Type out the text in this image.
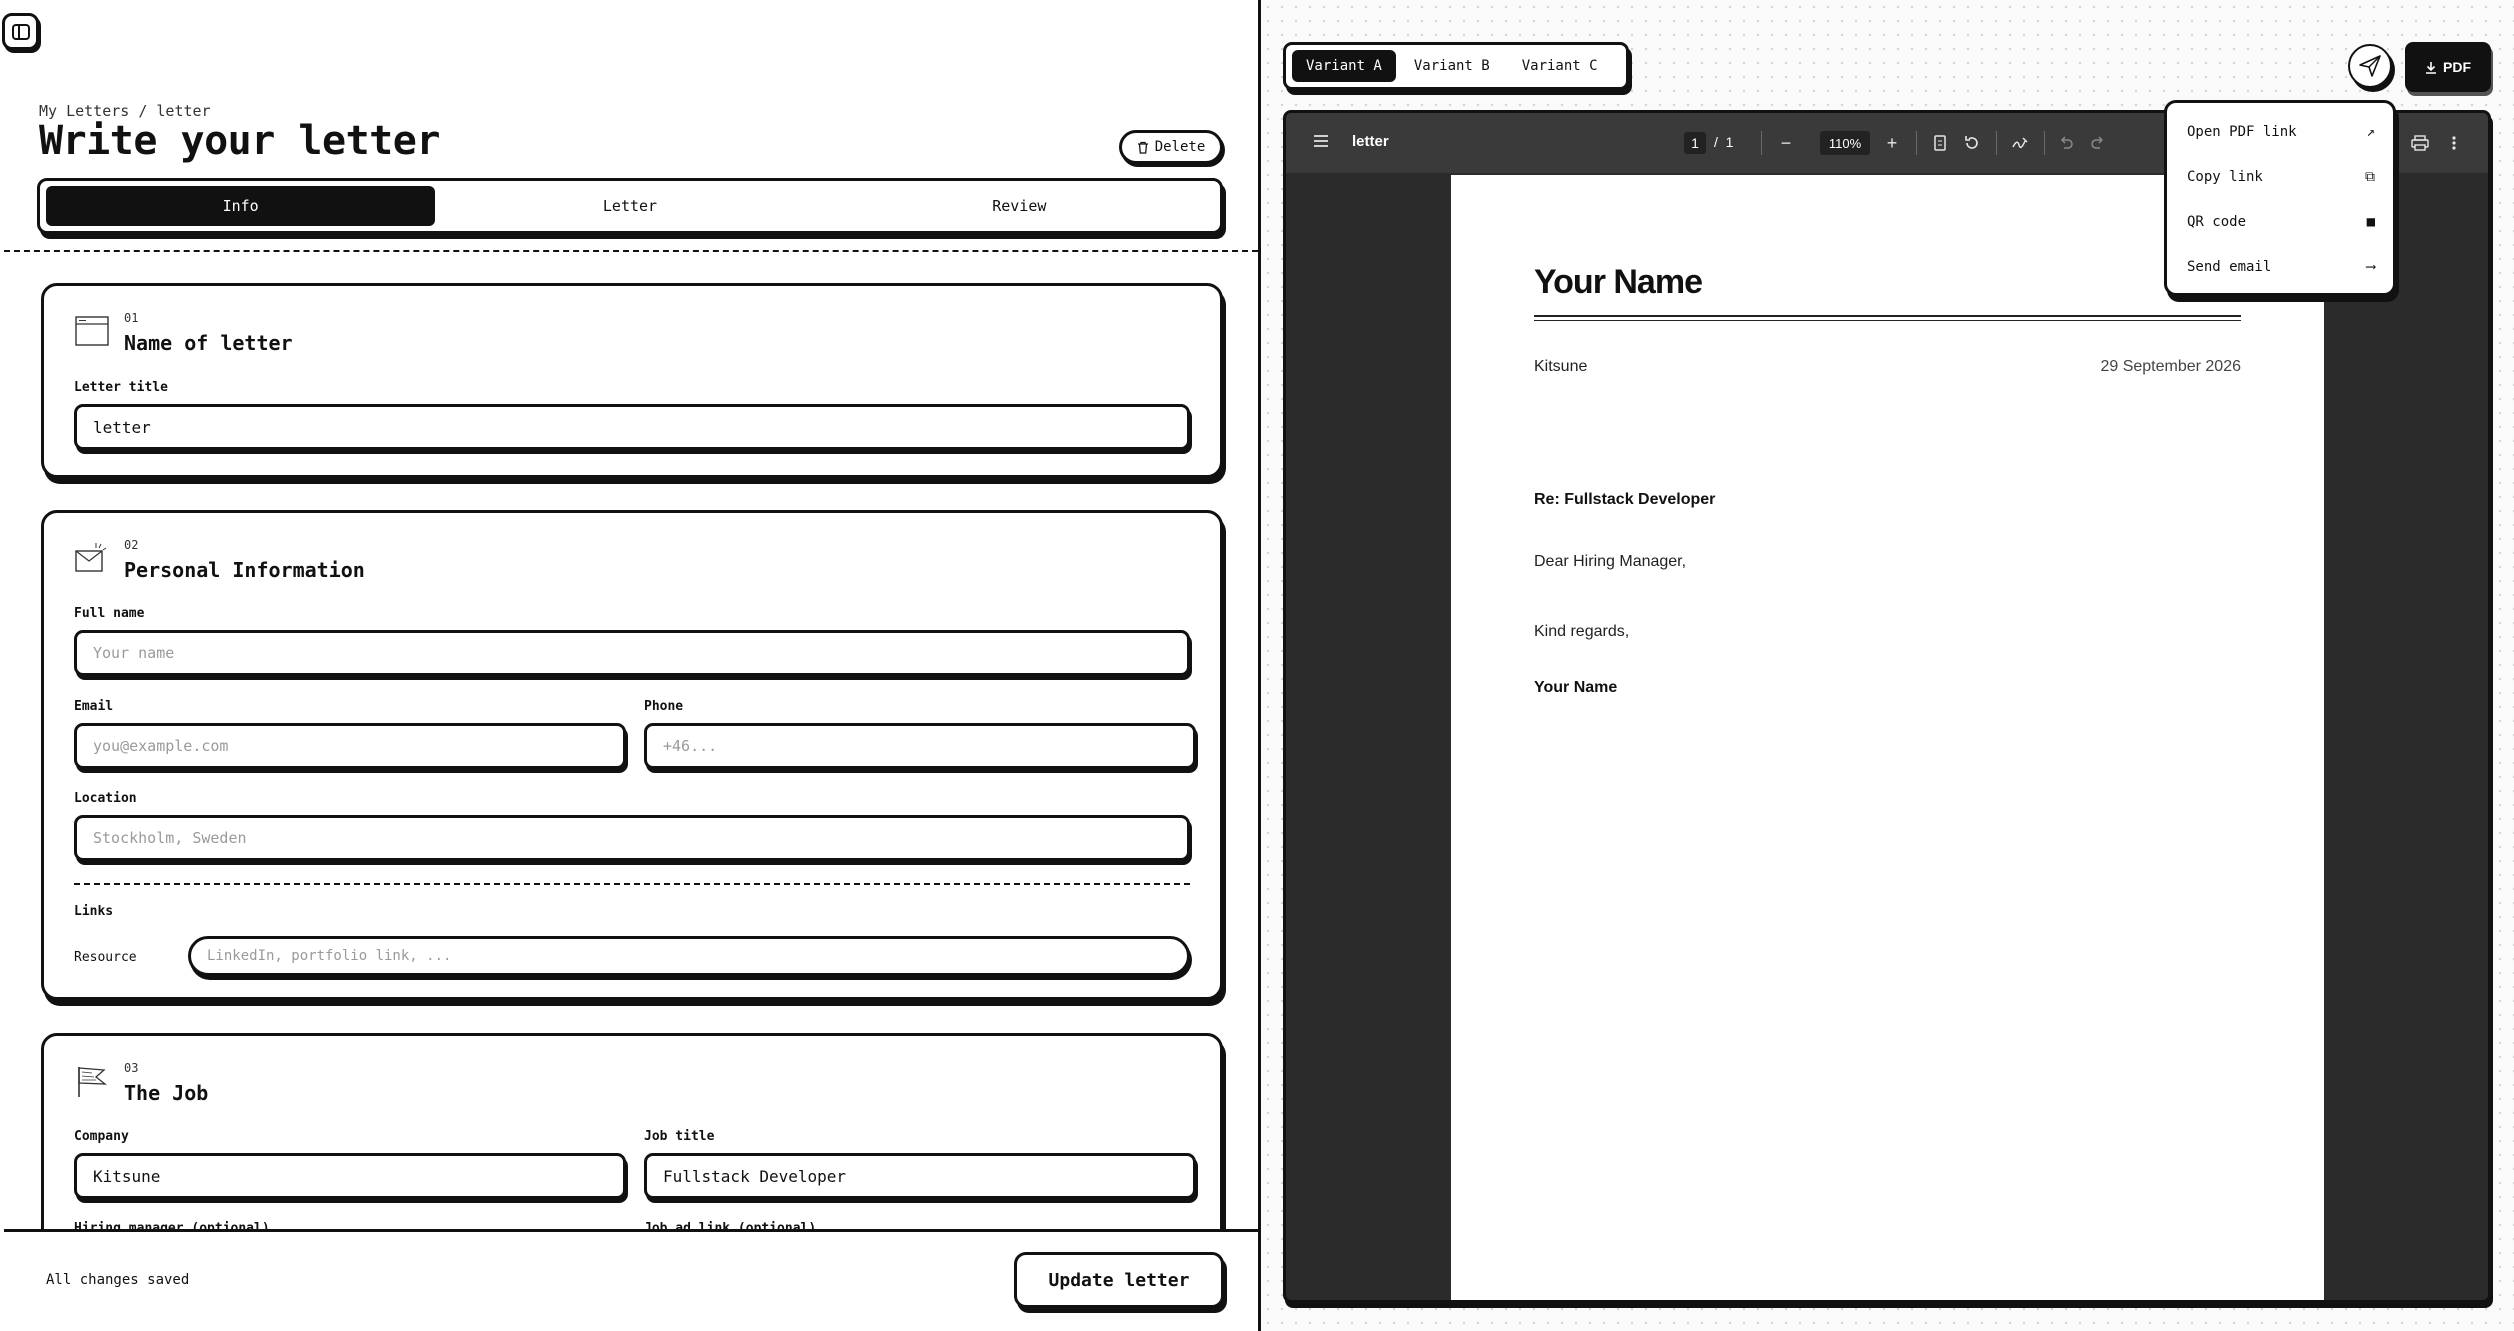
My Letters / letter
Write your letter	Delete
Info	Letter	Review
01
Name of letter
Letter title
letter
02
Personal Information
Full name
Your name
Email
you@example.com
Phone
+46...
Location
Stockholm, Sweden
Links
Resource	LinkedIn, portfolio link, ...
03
The Job
Company
Kitsune
Job title
Fullstack Developer
All changes saved	Update letter
Variant A	Variant B	Variant C	PDF
letter	1	/ 1	−	110%	+
Your Name
Kitsune	29 September 2026
Re: Fullstack Developer
Dear Hiring Manager,
Kind regards,
Your Name
Open PDF link	↗
Copy link	⧉
QR code	■
Send email	⟶
